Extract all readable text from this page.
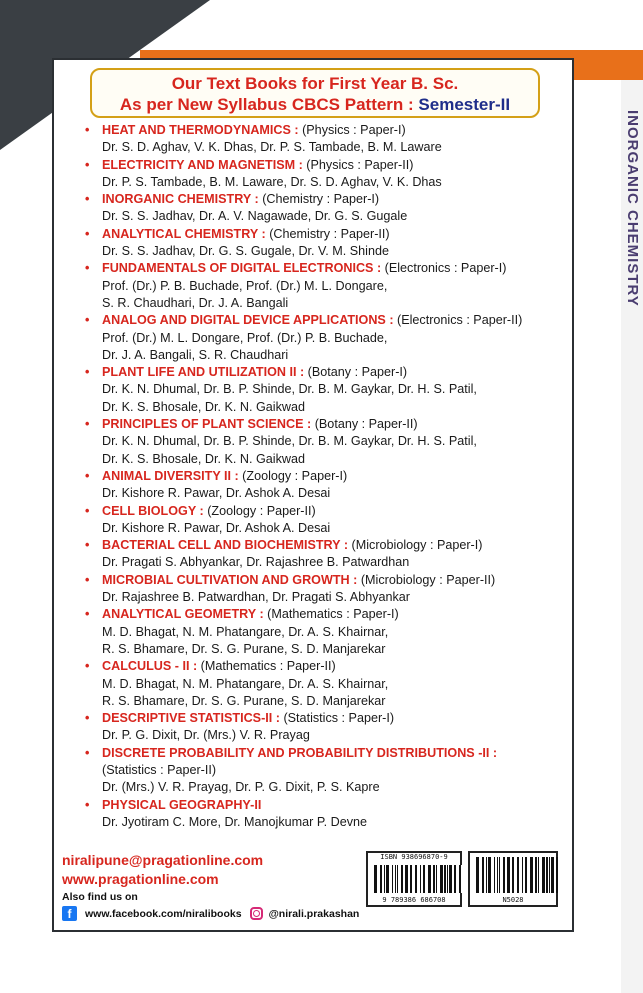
Our Text Books for First Year B. Sc.
As per New Syllabus CBCS Pattern : Semester-II
• HEAT AND THERMODYNAMICS : (Physics : Paper-I)
Dr. S. D. Aghav, V. K. Dhas, Dr. P. S. Tambade, B. M. Laware
• ELECTRICITY AND MAGNETISM : (Physics : Paper-II)
Dr. P. S. Tambade, B. M. Laware, Dr. S. D. Aghav, V. K. Dhas
• INORGANIC CHEMISTRY : (Chemistry : Paper-I)
Dr. S. S. Jadhav, Dr. A. V. Nagawade, Dr. G. S. Gugale
• ANALYTICAL CHEMISTRY : (Chemistry : Paper-II)
Dr. S. S. Jadhav, Dr. G. S. Gugale, Dr. V. M. Shinde
• FUNDAMENTALS OF DIGITAL ELECTRONICS : (Electronics : Paper-I)
Prof. (Dr.) P. B. Buchade, Prof. (Dr.) M. L. Dongare,
S. R. Chaudhari, Dr. J. A. Bangali
• ANALOG AND DIGITAL DEVICE APPLICATIONS : (Electronics : Paper-II)
Prof. (Dr.) M. L. Dongare, Prof. (Dr.) P. B. Buchade,
Dr. J. A. Bangali, S. R. Chaudhari
• PLANT LIFE AND UTILIZATION II : (Botany : Paper-I)
Dr. K. N. Dhumal, Dr. B. P. Shinde, Dr. B. M. Gaykar, Dr. H. S. Patil,
Dr. K. S. Bhosale, Dr. K. N. Gaikwad
• PRINCIPLES OF PLANT SCIENCE : (Botany : Paper-II)
Dr. K. N. Dhumal, Dr. B. P. Shinde, Dr. B. M. Gaykar, Dr. H. S. Patil,
Dr. K. S. Bhosale, Dr. K. N. Gaikwad
• ANIMAL DIVERSITY II : (Zoology : Paper-I)
Dr. Kishore R. Pawar, Dr. Ashok A. Desai
• CELL BIOLOGY : (Zoology : Paper-II)
Dr. Kishore R. Pawar, Dr. Ashok A. Desai
• BACTERIAL CELL AND BIOCHEMISTRY : (Microbiology : Paper-I)
Dr. Pragati S. Abhyankar, Dr. Rajashree B. Patwardhan
• MICROBIAL CULTIVATION AND GROWTH : (Microbiology : Paper-II)
Dr. Rajashree B. Patwardhan, Dr. Pragati S. Abhyankar
• ANALYTICAL GEOMETRY : (Mathematics : Paper-I)
M. D. Bhagat, N. M. Phatangare, Dr. A. S. Khairnar,
R. S. Bhamare, Dr. S. G. Purane, S. D. Manjarekar
• CALCULUS - II : (Mathematics : Paper-II)
M. D. Bhagat, N. M. Phatangare, Dr. A. S. Khairnar,
R. S. Bhamare, Dr. S. G. Purane, S. D. Manjarekar
• DESCRIPTIVE STATISTICS-II : (Statistics : Paper-I)
Dr. P. G. Dixit, Dr. (Mrs.) V. R. Prayag
• DISCRETE PROBABILITY AND PROBABILITY DISTRIBUTIONS -II :
(Statistics : Paper-II)
Dr. (Mrs.) V. R. Prayag, Dr. P. G. Dixit, P. S. Kapre
• PHYSICAL GEOGRAPHY-II
Dr. Jyotiram C. More, Dr. Manojkumar P. Devne
niralipune@pragationline.com
www.pragationline.com
Also find us on
f	www.facebook.com/niralibooks	@nirali.prakashan
ISBN 938696870-9
9 789386 686708	N5028
INORGANIC CHEMISTRY
